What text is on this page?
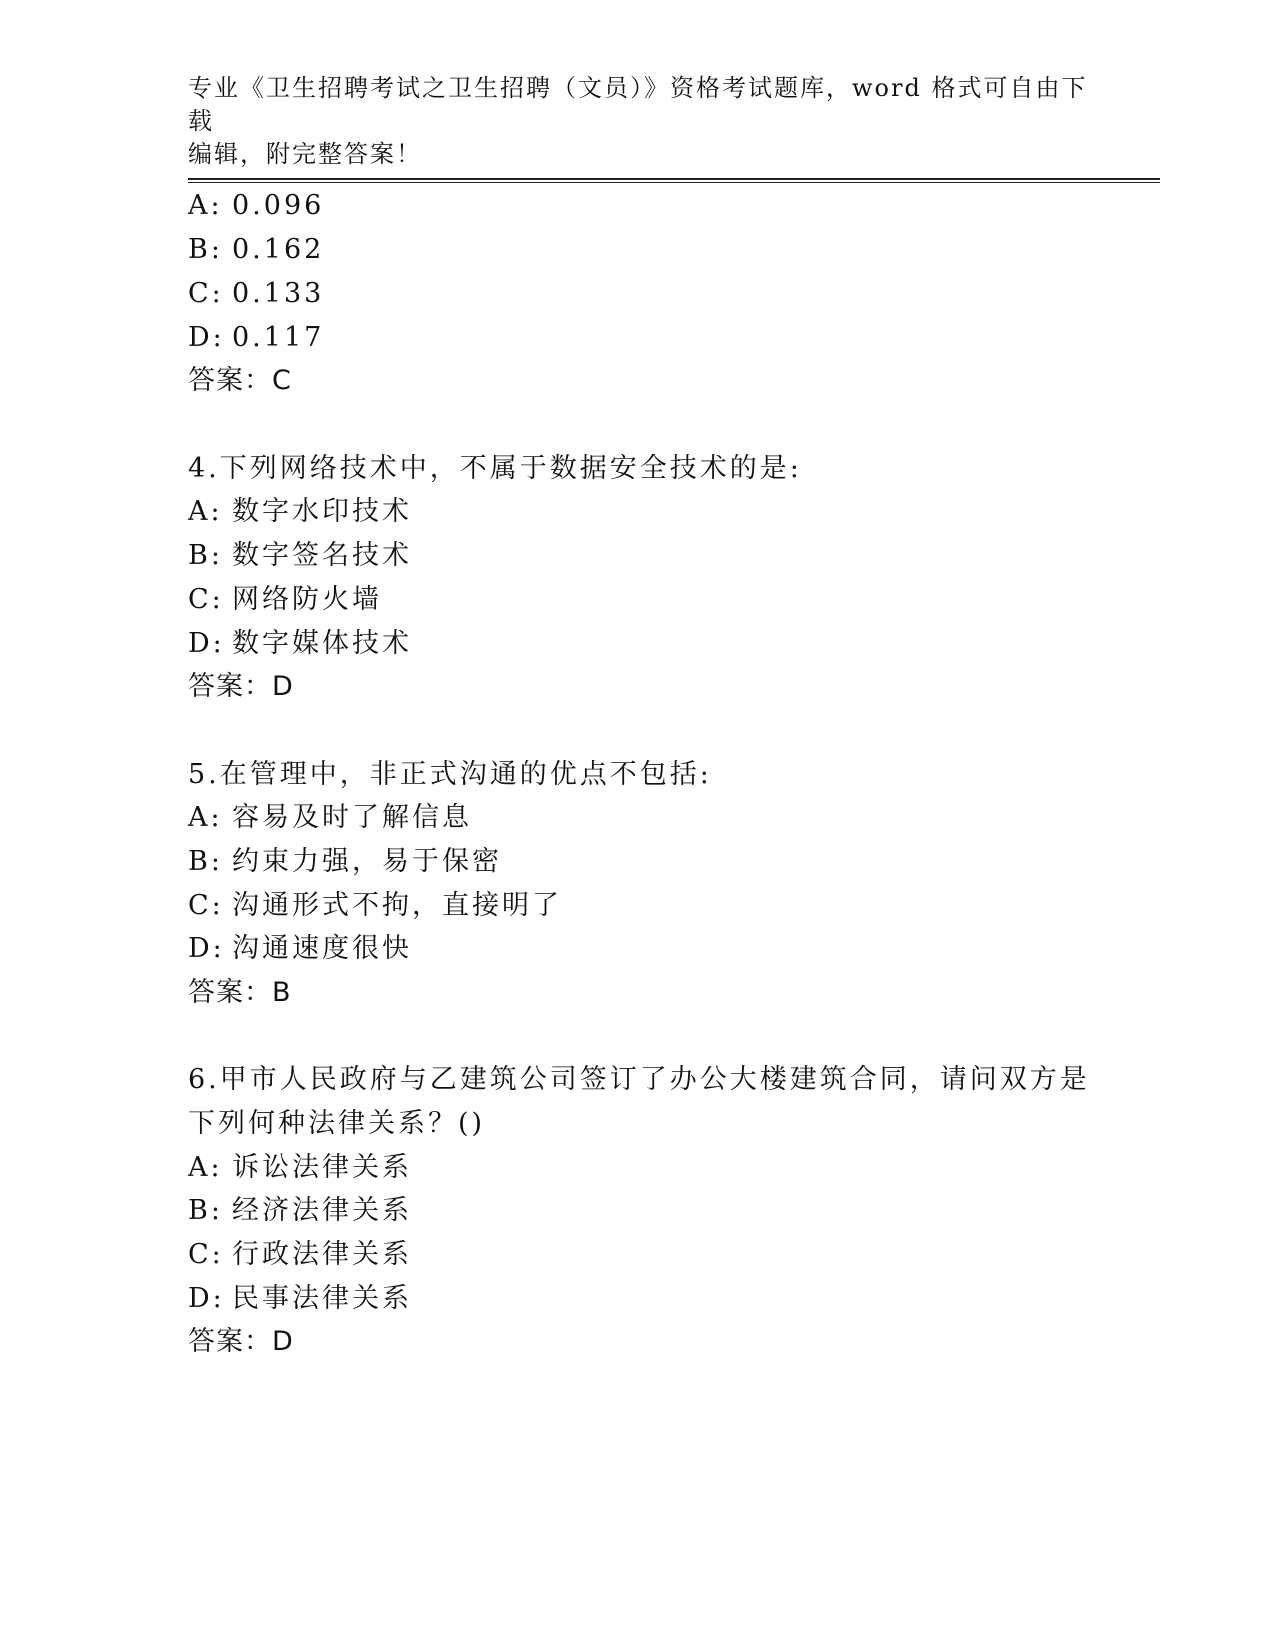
专业《卫生招聘考试之卫生招聘（文员）》资格考试题库，word 格式可自由下载
编辑，附完整答案！
A: 0.096
B: 0.162
C: 0.133
D: 0.117
答案：C
4.下列网络技术中，不属于数据安全技术的是:
A: 数字水印技术
B: 数字签名技术
C: 网络防火墙
D: 数字媒体技术
答案：D
5.在管理中，非正式沟通的优点不包括:
A: 容易及时了解信息
B: 约束力强，易于保密
C: 沟通形式不拘，直接明了
D: 沟通速度很快
答案：B
6.甲市人民政府与乙建筑公司签订了办公大楼建筑合同，请问双方是
下列何种法律关系？()
A: 诉讼法律关系
B: 经济法律关系
C: 行政法律关系
D: 民事法律关系
答案：D
